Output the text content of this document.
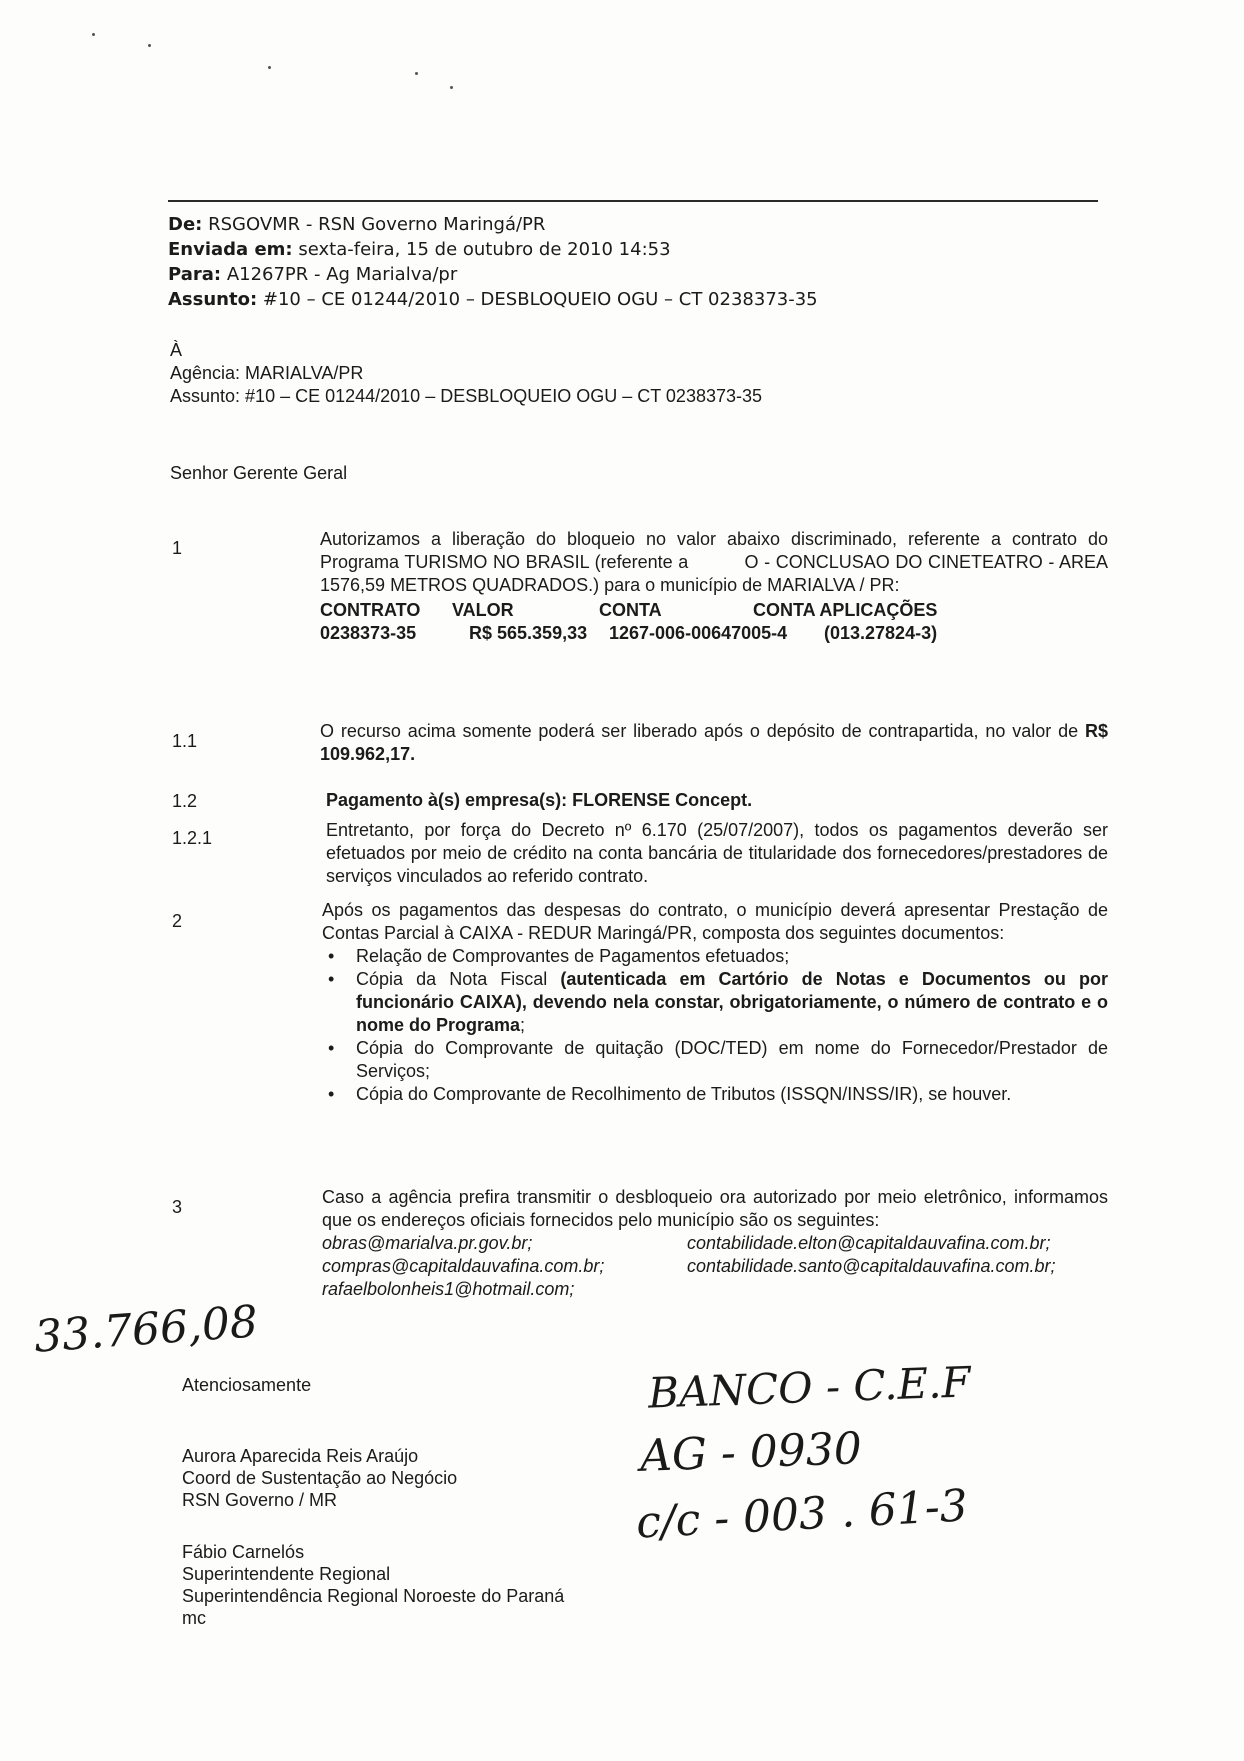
De: RSGOVMR - RSN Governo Maringá/PR
Enviada em: sexta-feira, 15 de outubro de 2010 14:53
Para: A1267PR - Ag Marialva/pr
Assunto: #10 – CE 01244/2010 – DESBLOQUEIO OGU – CT 0238373-35
À
Agência: MARIALVA/PR
Assunto: #10 – CE 01244/2010 – DESBLOQUEIO OGU – CT 0238373-35
Senhor Gerente Geral
1	Autorizamos a liberação do bloqueio no valor abaixo discriminado, referente a contrato do Programa TURISMO NO BRASIL (referente a          O - CONCLUSAO DO CINETEATRO - AREA 1576,59 METROS QUADRADOS.) para o município de MARIALVA / PR:
CONTRATO	VALOR	CONTA	CONTA APLICAÇÕES
0238373-35	R$ 565.359,33	1267-006-00647005-4	(013.27824-3)
1.1	O recurso acima somente poderá ser liberado após o depósito de contrapartida, no valor de R$ 109.962,17.
1.2	Pagamento à(s) empresa(s): FLORENSE Concept.
1.2.1	Entretanto, por força do Decreto nº 6.170 (25/07/2007), todos os pagamentos deverão ser efetuados por meio de crédito na conta bancária de titularidade dos fornecedores/prestadores de serviços vinculados ao referido contrato.
2
Após os pagamentos das despesas do contrato, o município deverá apresentar Prestação de Contas Parcial à CAIXA - REDUR Maringá/PR, composta dos seguintes documentos:
• Relação de Comprovantes de Pagamentos efetuados;
• Cópia da Nota Fiscal (autenticada em Cartório de Notas e Documentos ou por funcionário CAIXA), devendo nela constar, obrigatoriamente, o número de contrato e o nome do Programa;
• Cópia do Comprovante de quitação (DOC/TED) em nome do Fornecedor/Prestador de Serviços;
• Cópia do Comprovante de Recolhimento de Tributos (ISSQN/INSS/IR), se houver.
3	Caso a agência prefira transmitir o desbloqueio ora autorizado por meio eletrônico, informamos que os endereços oficiais fornecidos pelo município são os seguintes:
obras@marialva.pr.gov.br;	contabilidade.elton@capitaldauvafina.com.br;
compras@capitaldauvafina.com.br;	contabilidade.santo@capitaldauvafina.com.br;
rafaelbolonheis1@hotmail.com;
33.766,08
BANCO - C.E.F
AG - 0930
c/c - 003 . 61-3
Atenciosamente
Aurora Aparecida Reis Araújo
Coord de Sustentação ao Negócio
RSN Governo / MR
Fábio Carnelós
Superintendente Regional
Superintendência Regional Noroeste do Paraná
mc
